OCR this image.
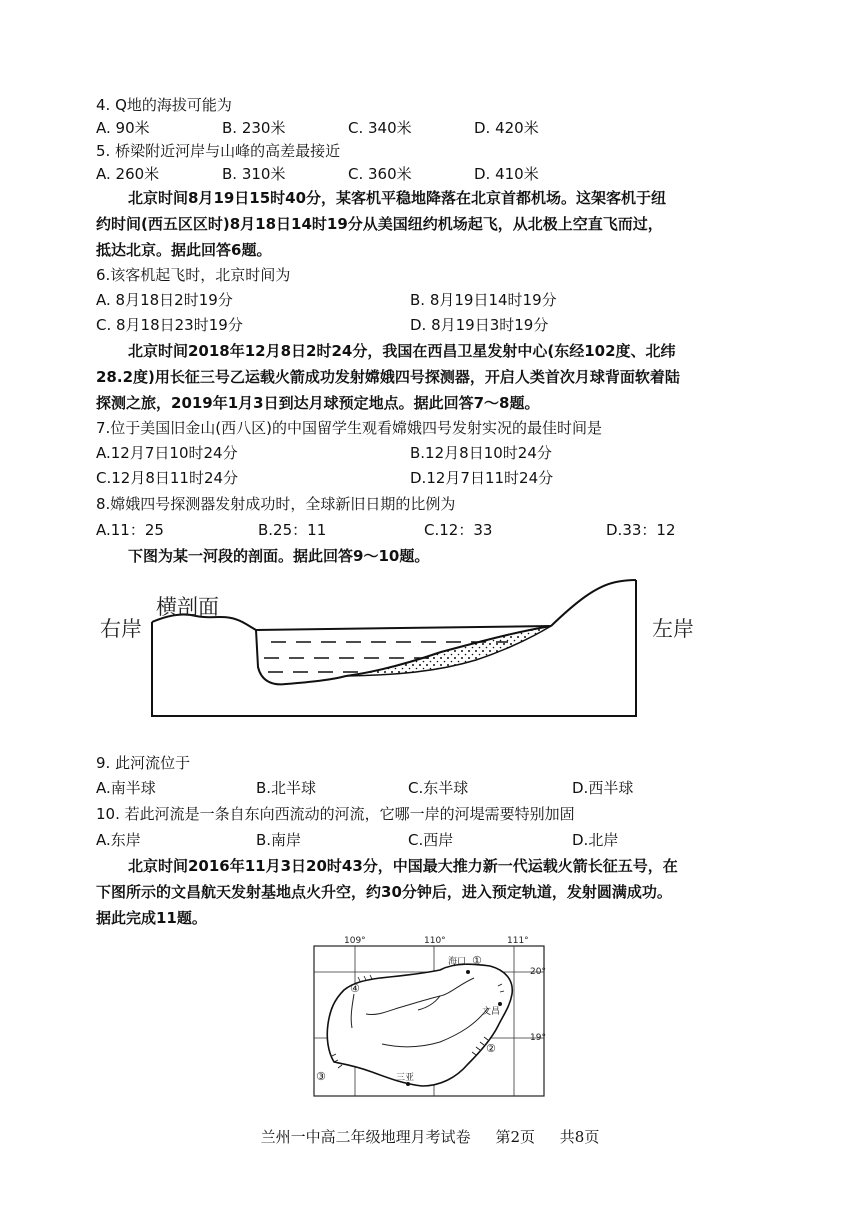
4. Q地的海拔可能为
A. 90米	B. 230米	C. 340米	D. 420米
5. 桥梁附近河岸与山峰的高差最接近
A. 260米	B. 310米	C. 360米	D. 410米
北京时间8月19日15时40分，某客机平稳地降落在北京首都机场。这架客机于纽
约时间(西五区区时)8月18日14时19分从美国纽约机场起飞，从北极上空直飞而过，
抵达北京。据此回答6题。
6.该客机起飞时，北京时间为
A. 8月18日2时19分	B. 8月19日14时19分
C. 8月18日23时19分	D. 8月19日3时19分
北京时间2018年12月8日2时24分，我国在西昌卫星发射中心(东经102度、北纬
28.2度)用长征三号乙运载火箭成功发射嫦娥四号探测器，开启人类首次月球背面软着陆
探测之旅，2019年1月3日到达月球预定地点。据此回答7～8题。
7.位于美国旧金山(西八区)的中国留学生观看嫦娥四号发射实况的最佳时间是
A.12月7日10时24分	B.12月8日10时24分
C.12月8日11时24分	D.12月7日11时24分
8.嫦娥四号探测器发射成功时，全球新旧日期的比例为
A.11：25	B.25：11	C.12：33	D.33：12
下图为某一河段的剖面。据此回答9～10题。
右岸
横剖面
左岸
9. 此河流位于
A.南半球	B.北半球	C.东半球	D.西半球
10. 若此河流是一条自东向西流动的河流，它哪一岸的河堤需要特别加固
A.东岸	B.南岸	C.西岸	D.北岸
北京时间2016年11月3日20时43分，中国最大推力新一代运载火箭长征五号，在
下图所示的文昌航天发射基地点火升空，约30分钟后，进入预定轨道，发射圆满成功。
据此完成11题。
109°	110°	111°
20°
19°
海口
文昌
三亚
①
②
③
④
兰州一中高二年级地理月考试卷 第2页 共8页
